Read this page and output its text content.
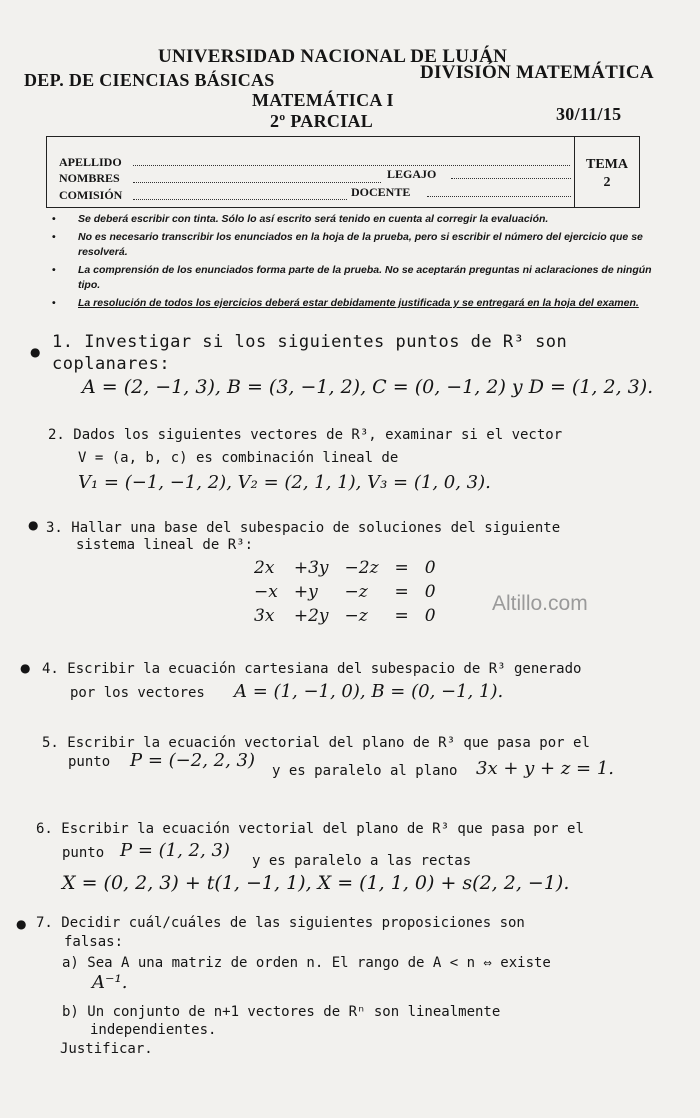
UNIVERSIDAD NACIONAL DE LUJÁN
DEP. DE CIENCIAS BÁSICAS	DIVISIÓN MATEMÁTICA
MATEMÁTICA I
2º PARCIAL	30/11/15
APELLIDO
NOMBRES	LEGAJO
COMISIÓN	DOCENTE
TEMA
2
• Se deberá escribir con tinta. Sólo lo así escrito será tenido en cuenta al corregir la evaluación.
• No es necesario transcribir los enunciados en la hoja de la prueba, pero si escribir el número del ejercicio que se resolverá.
• La comprensión de los enunciados forma parte de la prueba. No se aceptarán preguntas ni aclaraciones de ningún tipo.
• La resolución de todos los ejercicios deberá estar debidamente justificada y se entregará en la hoja del examen.
● 1. Investigar si los siguientes puntos de R³ son coplanares:
A = (2, −1, 3), B = (3, −1, 2), C = (0, −1, 2) y D = (1, 2, 3).
2. Dados los siguientes vectores de R³, examinar si el vector
V = (a, b, c) es combinación lineal de
V₁ = (−1, −1, 2), V₂ = (2, 1, 1), V₃ = (1, 0, 3).
● 3. Hallar una base del subespacio de soluciones del siguiente
sistema lineal de R³:
2x	+3y	−2z	=	0
−x	+y	−z	=	0
3x	+2y	−z	=	0
Altillo.com
● 4. Escribir la ecuación cartesiana del subespacio de R³ generado
por los vectores A = (1, −1, 0), B = (0, −1, 1).
5. Escribir la ecuación vectorial del plano de R³ que pasa por el
punto P = (−2, 2, 3) y es paralelo al plano 3x + y + z = 1.
6. Escribir la ecuación vectorial del plano de R³ que pasa por el
punto P = (1, 2, 3) y es paralelo a las rectas
X = (0, 2, 3) + t(1, −1, 1), X = (1, 1, 0) + s(2, 2, −1).
● 7. Decidir cuál/cuáles de las siguientes proposiciones son
falsas:
a) Sea A una matriz de orden n. El rango de A < n ⇔ existe
A⁻¹.
b) Un conjunto de n+1 vectores de Rⁿ son linealmente
independientes.
Justificar.
